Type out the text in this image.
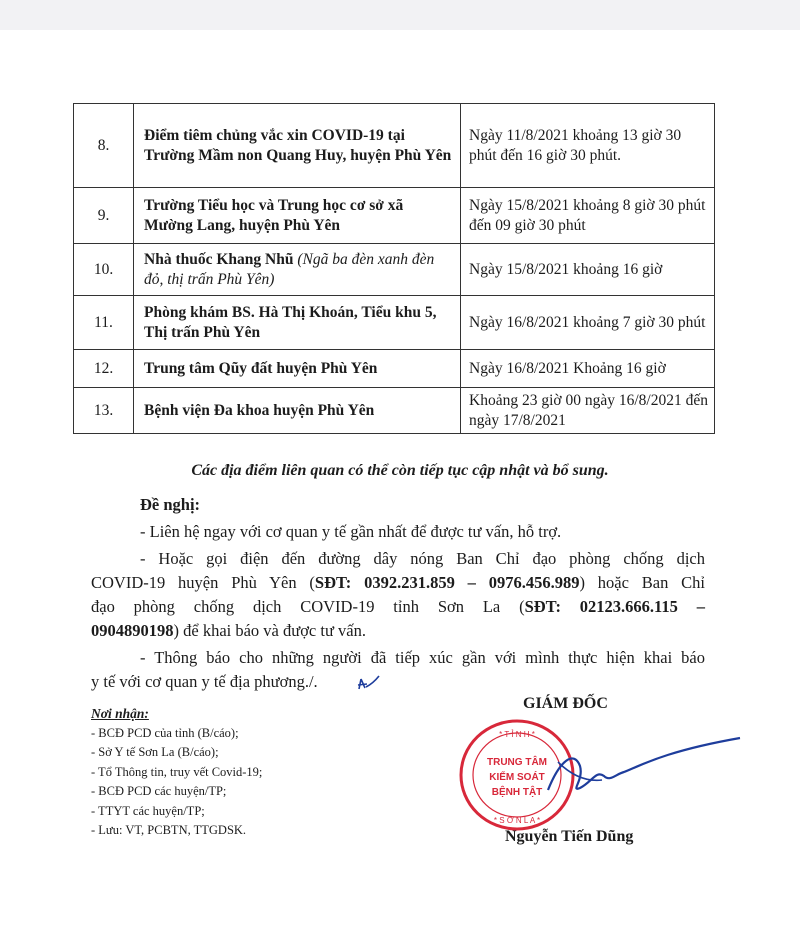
8.	Điểm tiêm chủng vắc xin COVID-19 tại Trường Mầm non Quang Huy, huyện Phù Yên	Ngày 11/8/2021 khoảng 13 giờ 30 phút đến 16 giờ 30 phút.
9.	Trường Tiểu học và Trung học cơ sở xã Mường Lang, huyện Phù Yên	Ngày 15/8/2021 khoảng 8 giờ 30 phút đến 09 giờ 30 phút
10.	Nhà thuốc Khang Nhũ (Ngã ba đèn xanh đèn đỏ, thị trấn Phù Yên)	Ngày 15/8/2021 khoảng 16 giờ
11.	Phòng khám BS. Hà Thị Khoán, Tiểu khu 5, Thị trấn Phù Yên	Ngày 16/8/2021 khoảng 7 giờ 30 phút
12.	Trung tâm Qũy đất huyện Phù Yên	Ngày 16/8/2021 Khoảng 16 giờ
13.	Bệnh viện Đa khoa huyện Phù Yên	Khoảng 23 giờ 00 ngày 16/8/2021 đến ngày 17/8/2021
Các địa điểm liên quan có thể còn tiếp tục cập nhật và bổ sung.
Đề nghị:
- Liên hệ ngay với cơ quan y tế gần nhất để được tư vấn, hỗ trợ.
- Hoặc gọi điện đến đường dây nóng Ban Chỉ đạo phòng chống dịch
COVID-19 huyện Phù Yên (SĐT: 0392.231.859 – 0976.456.989) hoặc Ban Chỉ
đạo phòng chống dịch COVID-19 tỉnh Sơn La (SĐT: 02123.666.115 –
0904890198) để khai báo và được tư vấn.
- Thông báo cho những người đã tiếp xúc gần với mình thực hiện khai báo
y tế với cơ quan y tế địa phương./.
Nơi nhận:
- BCĐ PCD của tỉnh (B/cáo);
- Sở Y tế Sơn La (B/cáo);
- Tổ Thông tin, truy vết Covid-19;
- BCĐ PCD các huyện/TP;
- TTYT các huyện/TP;
- Lưu: VT, PCBTN, TTGDSK.
GIÁM ĐỐC
* T Ỉ N H *
* S Ơ N L A *
TRUNG TÂM
KIỂM SOÁT
BỆNH TẬT
Nguyễn Tiến Dũng
